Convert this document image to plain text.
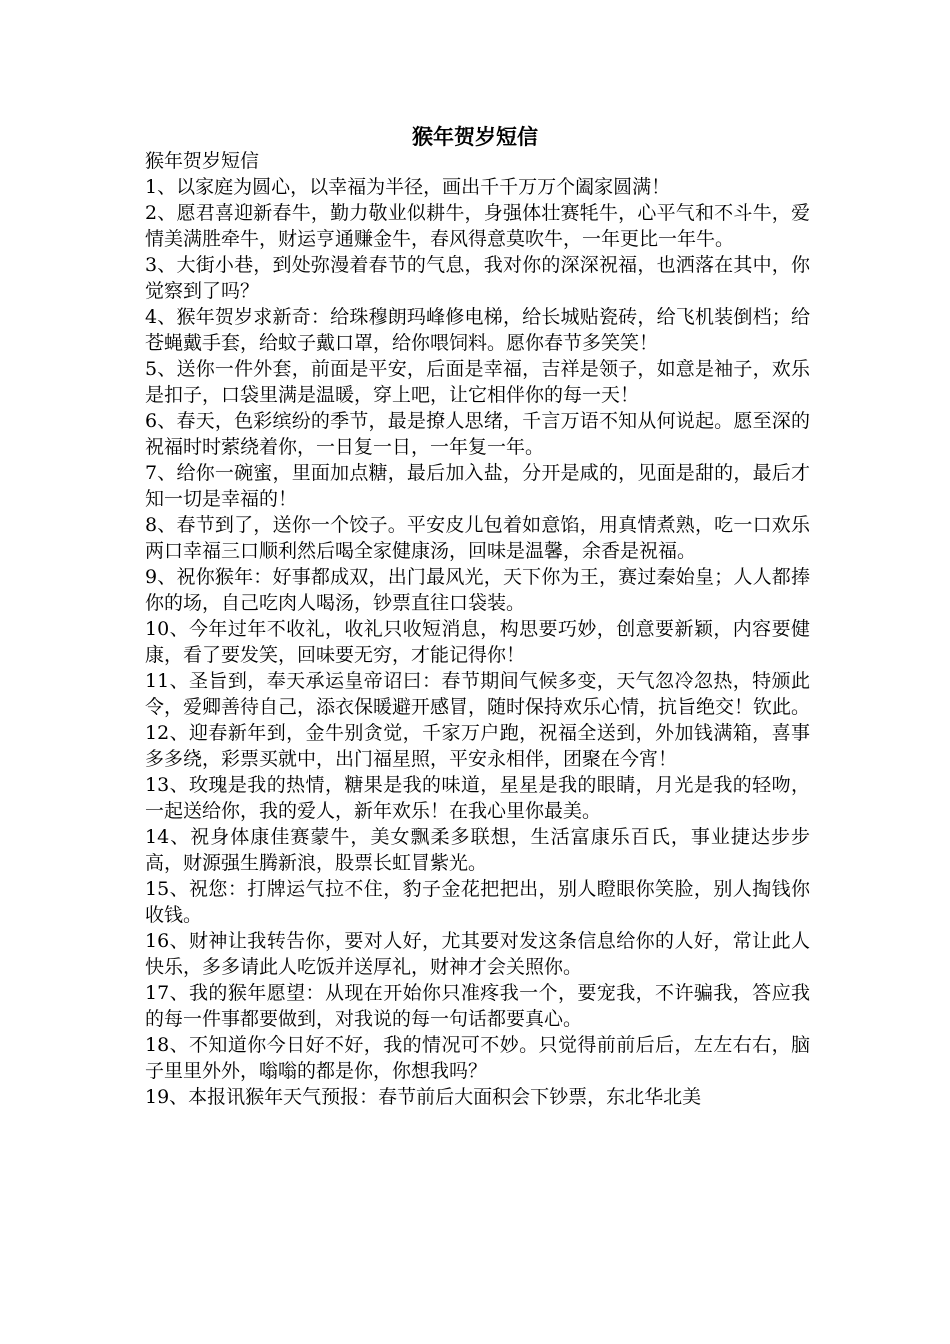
猴年贺岁短信

猴年贺岁短信

1、以家庭为圆心，以幸福为半径，画出千千万万个阖家圆满！

2、愿君喜迎新春牛，勤力敬业似耕牛，身强体壮赛牦牛，心平气和不斗牛，爱情美满胜牵牛，财运亨通赚金牛，春风得意莫吹牛，一年更比一年牛。

3、大街小巷，到处弥漫着春节的气息，我对你的深深祝福，也洒落在其中，你觉察到了吗？

4、猴年贺岁求新奇：给珠穆朗玛峰修电梯，给长城贴瓷砖，给飞机装倒档；给苍蝇戴手套，给蚊子戴口罩，给你喂饲料。愿你春节多笑笑！

5、送你一件外套，前面是平安，后面是幸福，吉祥是领子，如意是袖子，欢乐是扣子，口袋里满是温暖，穿上吧，让它相伴你的每一天！

6、春天，色彩缤纷的季节，最是撩人思绪，千言万语不知从何说起。愿至深的祝福时时萦绕着你，一日复一日，一年复一年。

7、给你一碗蜜，里面加点糖，最后加入盐，分开是咸的，见面是甜的，最后才知一切是幸福的！

8、春节到了，送你一个饺子。平安皮儿包着如意馅，用真情煮熟，吃一口欢乐两口幸福三口顺利然后喝全家健康汤，回味是温馨，余香是祝福。

9、祝你猴年：好事都成双，出门最风光，天下你为王，赛过秦始皇；人人都捧你的场，自己吃肉人喝汤，钞票直往口袋装。

10、今年过年不收礼，收礼只收短消息，构思要巧妙，创意要新颖，内容要健康，看了要发笑，回味要无穷，才能记得你！

11、圣旨到，奉天承运皇帝诏曰：春节期间气候多变，天气忽冷忽热，特颁此令，爱卿善待自己，添衣保暖避开感冒，随时保持欢乐心情，抗旨绝交！钦此。

12、迎春新年到，金牛别贪觉，千家万户跑，祝福全送到，外加钱满箱，喜事多多绕，彩票买就中，出门福星照，平安永相伴，团聚在今宵！

13、玫瑰是我的热情，糖果是我的味道，星星是我的眼睛，月光是我的轻吻，一起送给你，我的爱人，新年欢乐！在我心里你最美。

14、祝身体康佳赛蒙牛，美女飘柔多联想，生活富康乐百氏，事业捷达步步高，财源强生腾新浪，股票长虹冒紫光。

15、祝您：打牌运气拉不住，豹子金花把把出，别人瞪眼你笑脸，别人掏钱你收钱。

16、财神让我转告你，要对人好，尤其要对发这条信息给你的人好，常让此人快乐，多多请此人吃饭并送厚礼，财神才会关照你。

17、我的猴年愿望：从现在开始你只准疼我一个，要宠我，不许骗我，答应我的每一件事都要做到，对我说的每一句话都要真心。

18、不知道你今日好不好，我的情况可不妙。只觉得前前后后，左左右右，脑子里里外外，嗡嗡的都是你，你想我吗？

19、本报讯猴年天气预报：春节前后大面积会下钞票，东北华北美
